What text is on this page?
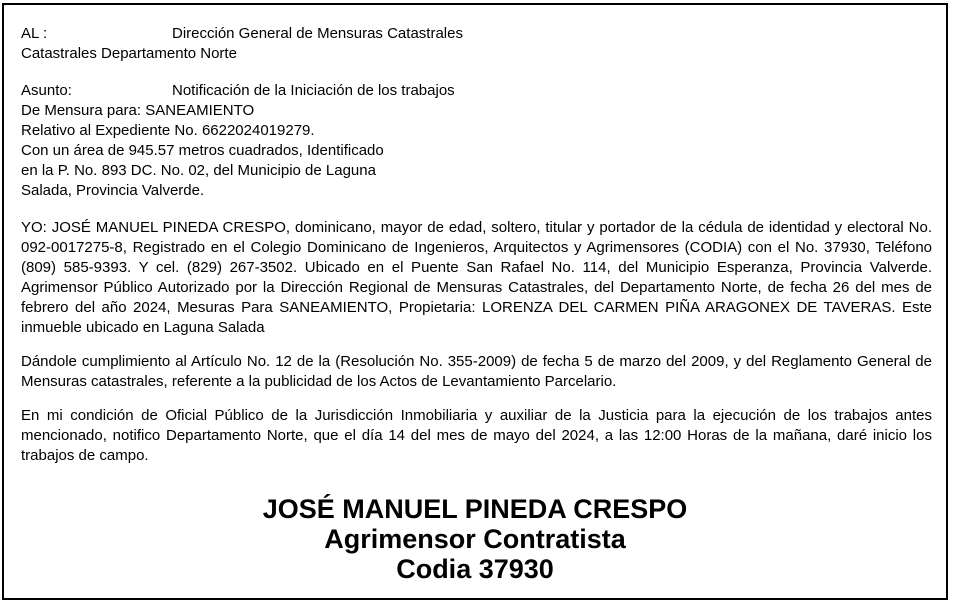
AL :	Dirección General de Mensuras Catastrales
Catastrales Departamento Norte
Asunto:	Notificación de la Iniciación de los trabajos
De Mensura para: SANEAMIENTO
Relativo al Expediente No. 6622024019279.
Con un área de 945.57 metros cuadrados, Identificado
en la P. No. 893 DC. No. 02, del Municipio de Laguna
Salada, Provincia Valverde.

YO: JOSÉ MANUEL PINEDA CRESPO, dominicano, mayor de edad, soltero, titular y portador de la cédula de identidad y electoral No. 092-0017275-8, Registrado en el Colegio Dominicano de Ingenieros, Arquitectos y Agrimensores (CODIA) con el No. 37930, Teléfono (809) 585-9393. Y cel. (829) 267-3502. Ubicado en el Puente San Rafael No. 114, del Municipio Esperanza, Provincia Valverde. Agrimensor Público Autorizado por la Dirección Regional de Mensuras Catastrales, del Departamento Norte, de fecha 26 del mes de febrero del año 2024, Mesuras Para SANEAMIENTO, Propietaria: LORENZA DEL CARMEN PIÑA ARAGONEX DE TAVERAS. Este inmueble ubicado en Laguna Salada

Dándole cumplimiento al Artículo No. 12 de la (Resolución No. 355-2009) de fecha 5 de marzo del 2009, y del Reglamento General de Mensuras catastrales, referente a la publicidad de los Actos de Levantamiento Parcelario.

En mi condición de Oficial Público de la Jurisdicción Inmobiliaria y auxiliar de la Justicia para la ejecución de los trabajos antes mencionado, notifico Departamento Norte, que el día 14 del mes de mayo del 2024, a las 12:00 Horas de la mañana, daré inicio los trabajos de campo.

JOSÉ MANUEL PINEDA CRESPO
Agrimensor Contratista
Codia 37930
